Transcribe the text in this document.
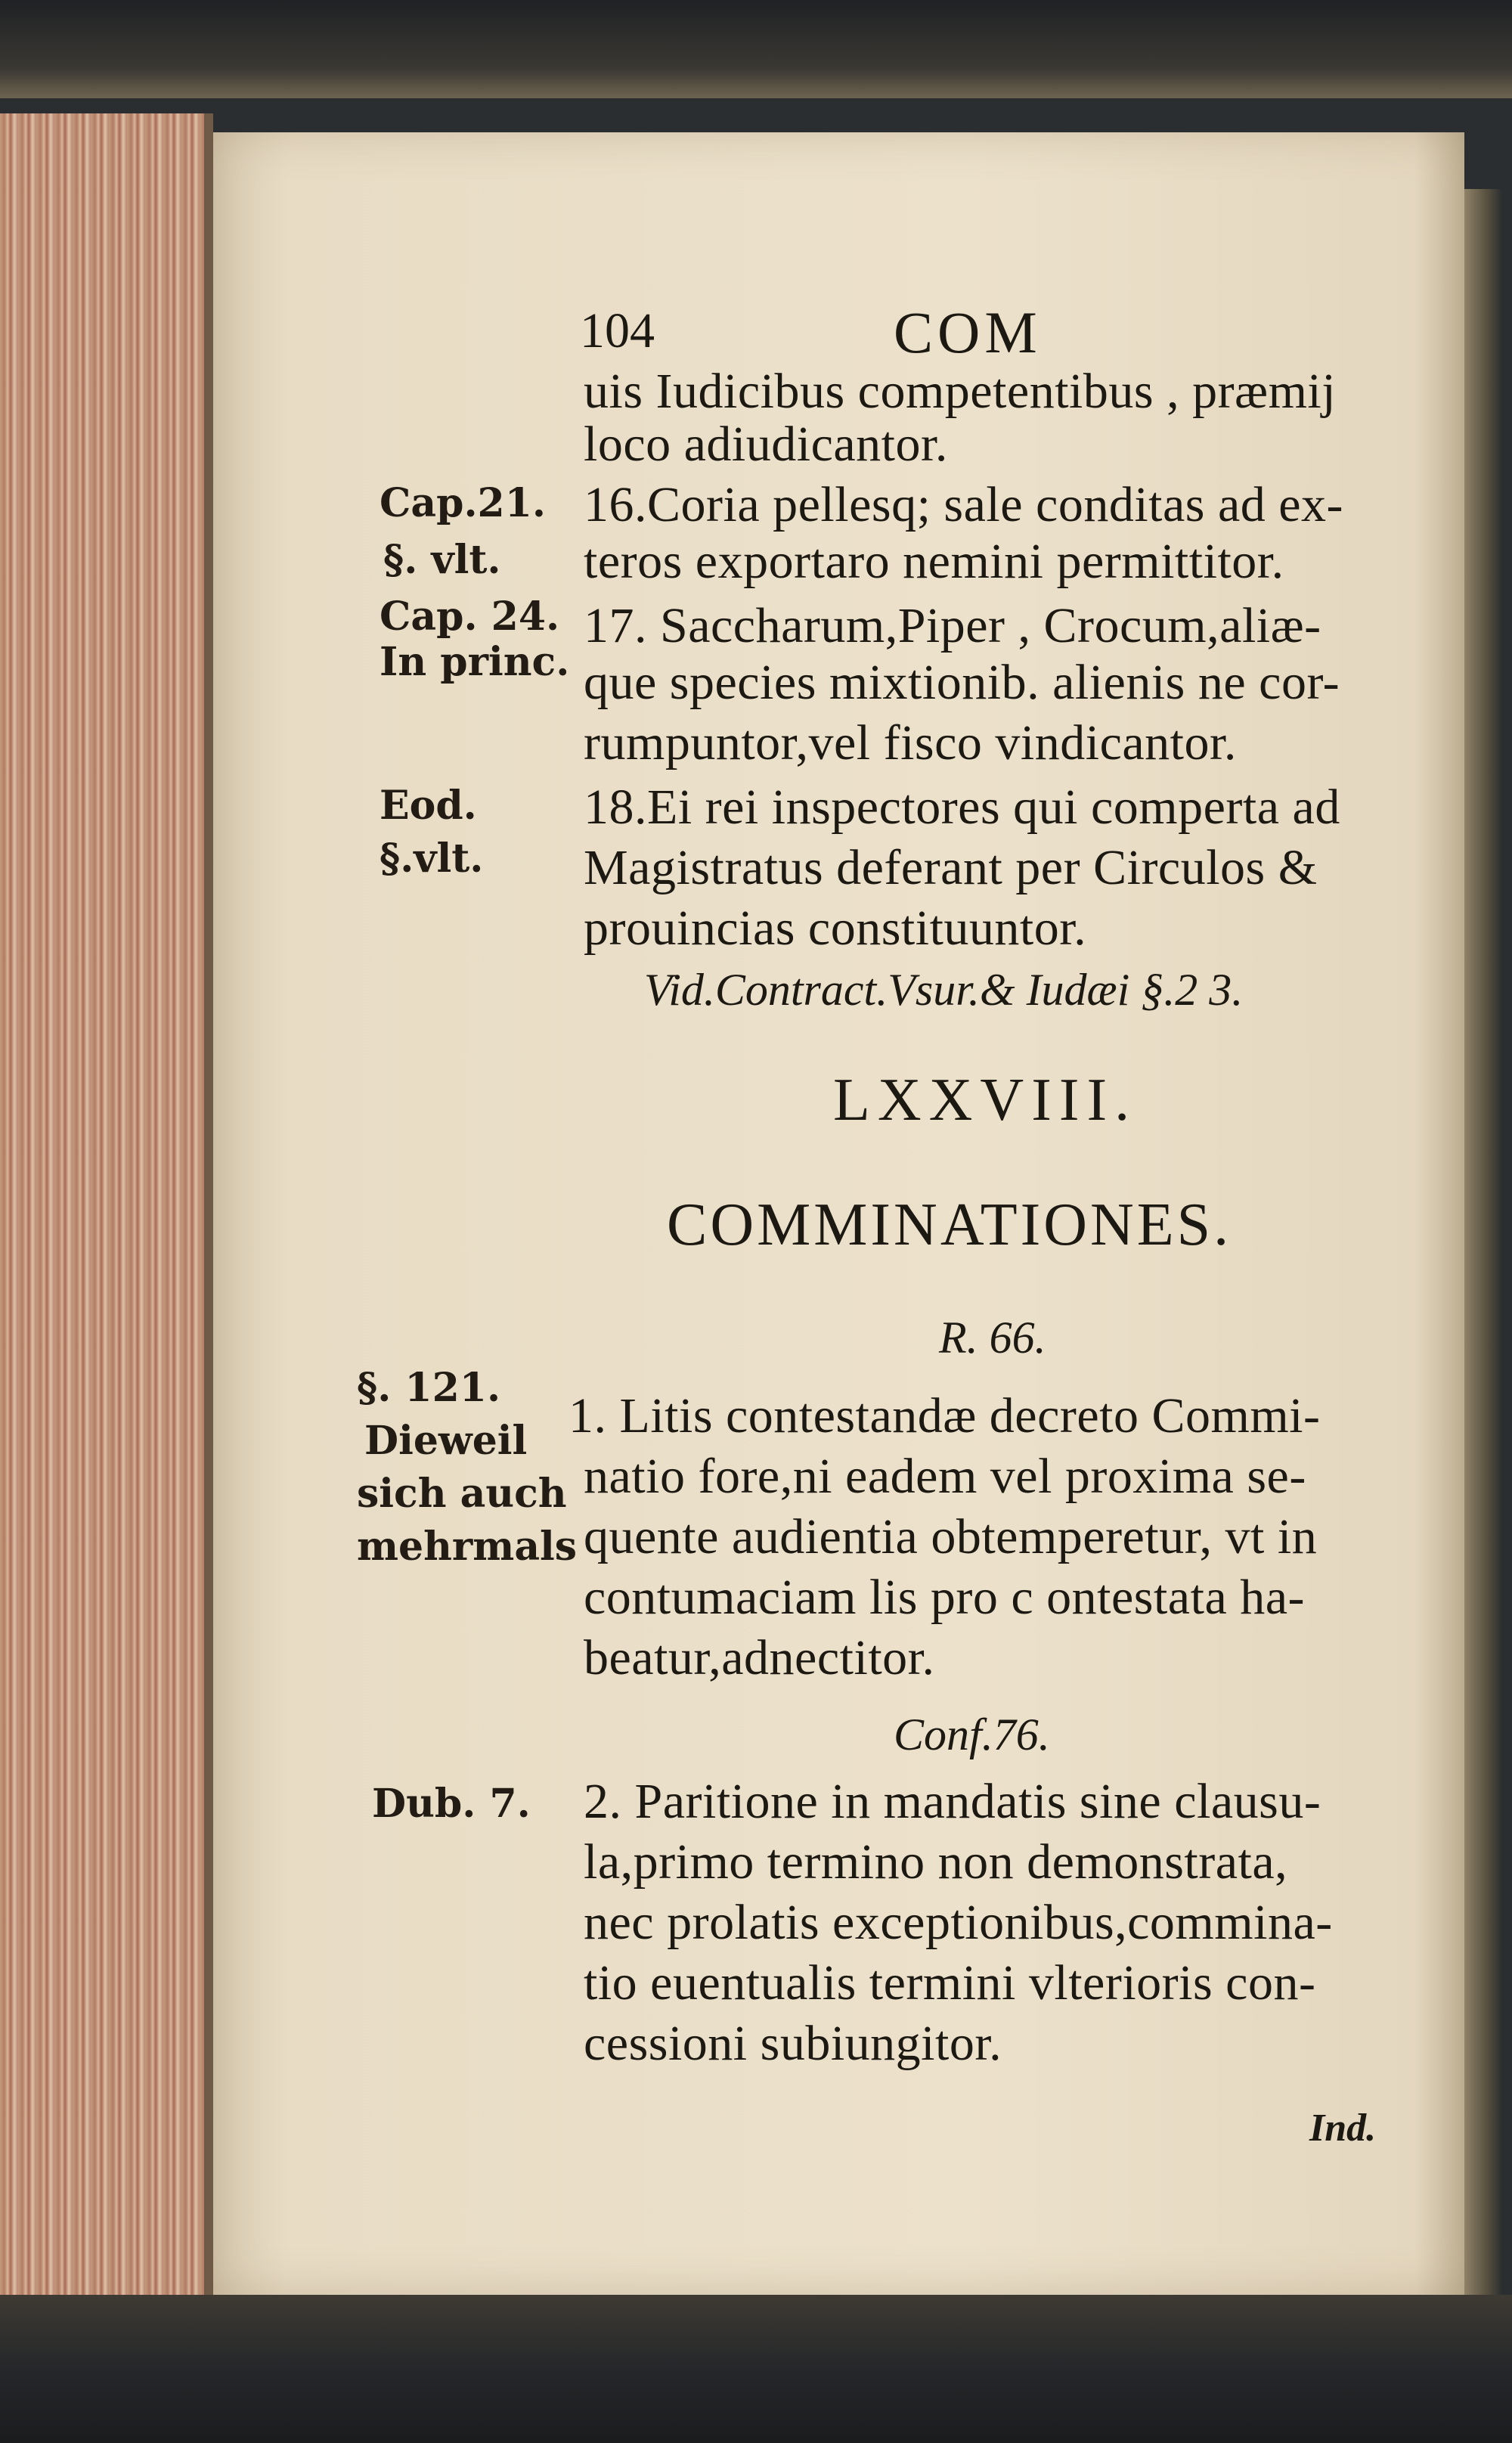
104	COM
uis Iudicibus competentibus , præmij
loco adiudicantor.
16.Coria pellesq; sale conditas ad ex-
teros exportaro nemini permittitor.
17. Saccharum,Piper , Crocum,aliæ-
que species mixtionib. alienis ne cor-
rumpuntor,vel fisco vindicantor.
18.Ei rei inspectores qui comperta ad
Magistratus deferant per Circulos &
prouincias constituuntor.
Vid.Contract.Vsur.& Iudæi §.2 3.
Cap.21.
§. vlt.
Cap. 24.
In princ.
Eod.
§.vlt.
LXXVIII.
COMMINATIONES.
R. 66.
§. 121.
Dieweil
sich auch
mehrmals
1. Litis contestandæ decreto Commi-
natio fore,ni eadem vel proxima se-
quente audientia obtemperetur, vt in
contumaciam lis pro c ontestata ha-
beatur,adnectitor.
Conf.76.
Dub. 7. 2. Paritione in mandatis sine clausu-
la,primo termino non demonstrata,
nec prolatis exceptionibus,commina-
tio euentualis termini vlterioris con-
cessioni subiungitor.
Ind.
